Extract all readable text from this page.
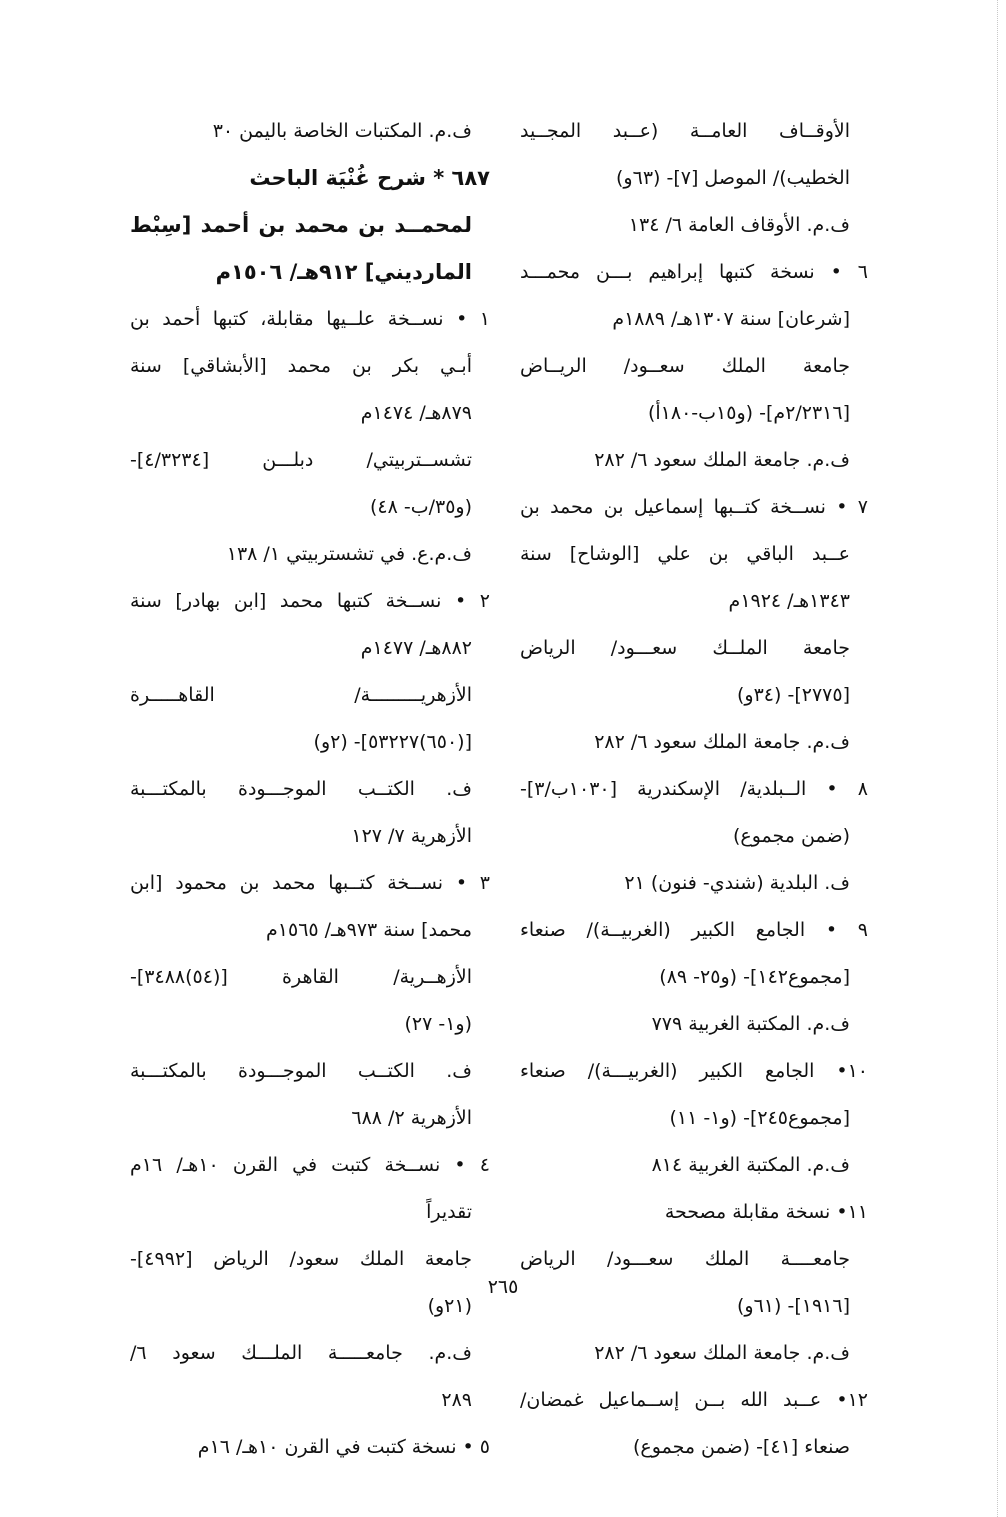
الأوقــاف العامــة (عــبد المجــيد
الخطيب)/ الموصل [٧]- (٦٣و)
ف.م. الأوقاف العامة ٦/ ١٣٤
٦ • نسخة كتبها إبراهيم بـــن محمـــد
[شرعان] سنة ١٣٠٧هـ/ ١٨٨٩م
جامعة الملك سعــود/ الريــاض
[٢/٢٣١٦م]- (و١٥ب-١٨٠أ)
ف.م. جامعة الملك سعود ٦/ ٢٨٢
٧ • نســخة كتــبها إسماعيل بن محمد بن
عــبد الباقي بن علي [الوشاح] سنة
١٣٤٣هـ/ ١٩٢٤م
جامعة الملــك سعـــود/ الرياض
[٢٧٧٥]- (٣٤و)
ف.م. جامعة الملك سعود ٦/ ٢٨٢
٨ • الــبلدية/ الإسكندرية [١٠٣٠ب/٣]-
(ضمن مجموع)
ف. البلدية (شندي- فنون) ٢١
٩ • الجامع الكبير (الغربيــة)/ صنعاء
[مجموع١٤٢]- (و٢٥- ٨٩)
ف.م. المكتبة الغربية ٧٧٩
١٠• الجامع الكبير (الغربيـــة)/ صنعاء
[مجموع٢٤٥]- (و١- ١١)
ف.م. المكتبة الغربية ٨١٤
١١• نسخة مقابلة مصححة
جامعــــة الملك سعـــود/ الرياض
[١٩١٦]- (٦١و)
ف.م. جامعة الملك سعود ٦/ ٢٨٢
١٢• عــبد الله بــن إســماعيل غمضان/
صنعاء [٤١]- (ضمن مجموع)
ف.م. المكتبات الخاصة باليمن ٣٠
٦٨٧ * شرح غُنْيَة الباحث
لمحمــد بن محمد بن أحمد [سِبْط
المارديني] ٩١٢هـ/ ١٥٠٦م
١ • نســخة علــيها مقابلة، كتبها أحمد بن
أبـي بكر بن محمد [الأبشاقي] سنة
٨٧٩هـ/ ١٤٧٤م
تشســتربيتي/ دبلـــن [٤/٣٢٣٤]-
(و٣٥/ب- ٤٨)
ف.م.ع. في تشستربيتي ١/ ١٣٨
٢ • نســخة كتبها محمد [ابن بهادر] سنة
٨٨٢هـ/ ١٤٧٧م
الأزهريـــــــــة/ القاهـــــرة
[(٦٥٠)٥٣٢٢٧]- (٢و)
ف. الكتــب الموجـــودة بالمكتـــبة
الأزهرية ٧/ ١٢٧
٣ • نســخة كتــبها محمد بن محمود [ابن
محمد] سنة ٩٧٣هـ/ ١٥٦٥م
الأزهــرية/ القاهرة [(٥٤)٣٤٨٨]-
(و١- ٢٧)
ف. الكتــب الموجـــودة بالمكتـــبة
الأزهرية ٢/ ٦٨٨
٤ • نســخة كتبت في القرن ١٠هـ/ ١٦م
تقديراً
جامعة الملك سعود/ الرياض [٤٩٩٢]-
(٢١و)
ف.م. جامعـــــة الملـــك سعود ٦/
٢٨٩
٥ • نسخة كتبت في القرن ١٠هـ/ ١٦م
٢٦٥
